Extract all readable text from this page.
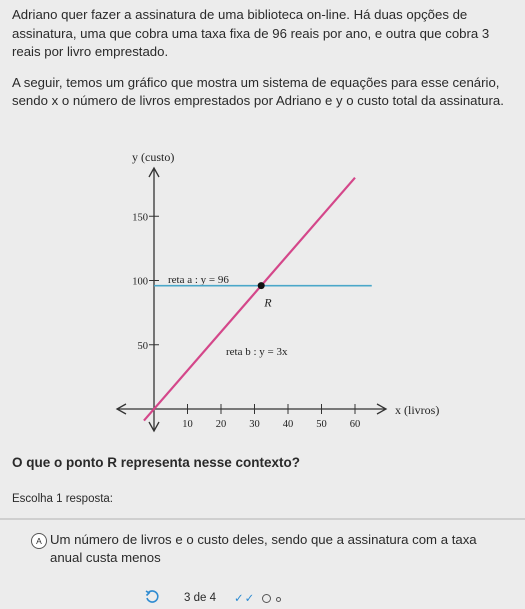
Adriano quer fazer a assinatura de uma biblioteca on-line. Há duas opções de assinatura, uma que cobra uma taxa fixa de 96 reais por ano, e outra que cobra 3 reais por livro emprestado.

A seguir, temos um gráfico que mostra um sistema de equações para esse cenário, sendo x o número de livros emprestados por Adriano e y o custo total da assinatura.

y (custo)
x (livros)
reta a : y = 96
reta b : y = 3x
10 20 30 40 50 60
50
100
150
R
O que o ponto R representa nesse contexto?
Escolha 1 resposta:
A Um número de livros e o custo deles, sendo que a assinatura com a taxa anual custa menos
3 de 4 ✓✓
